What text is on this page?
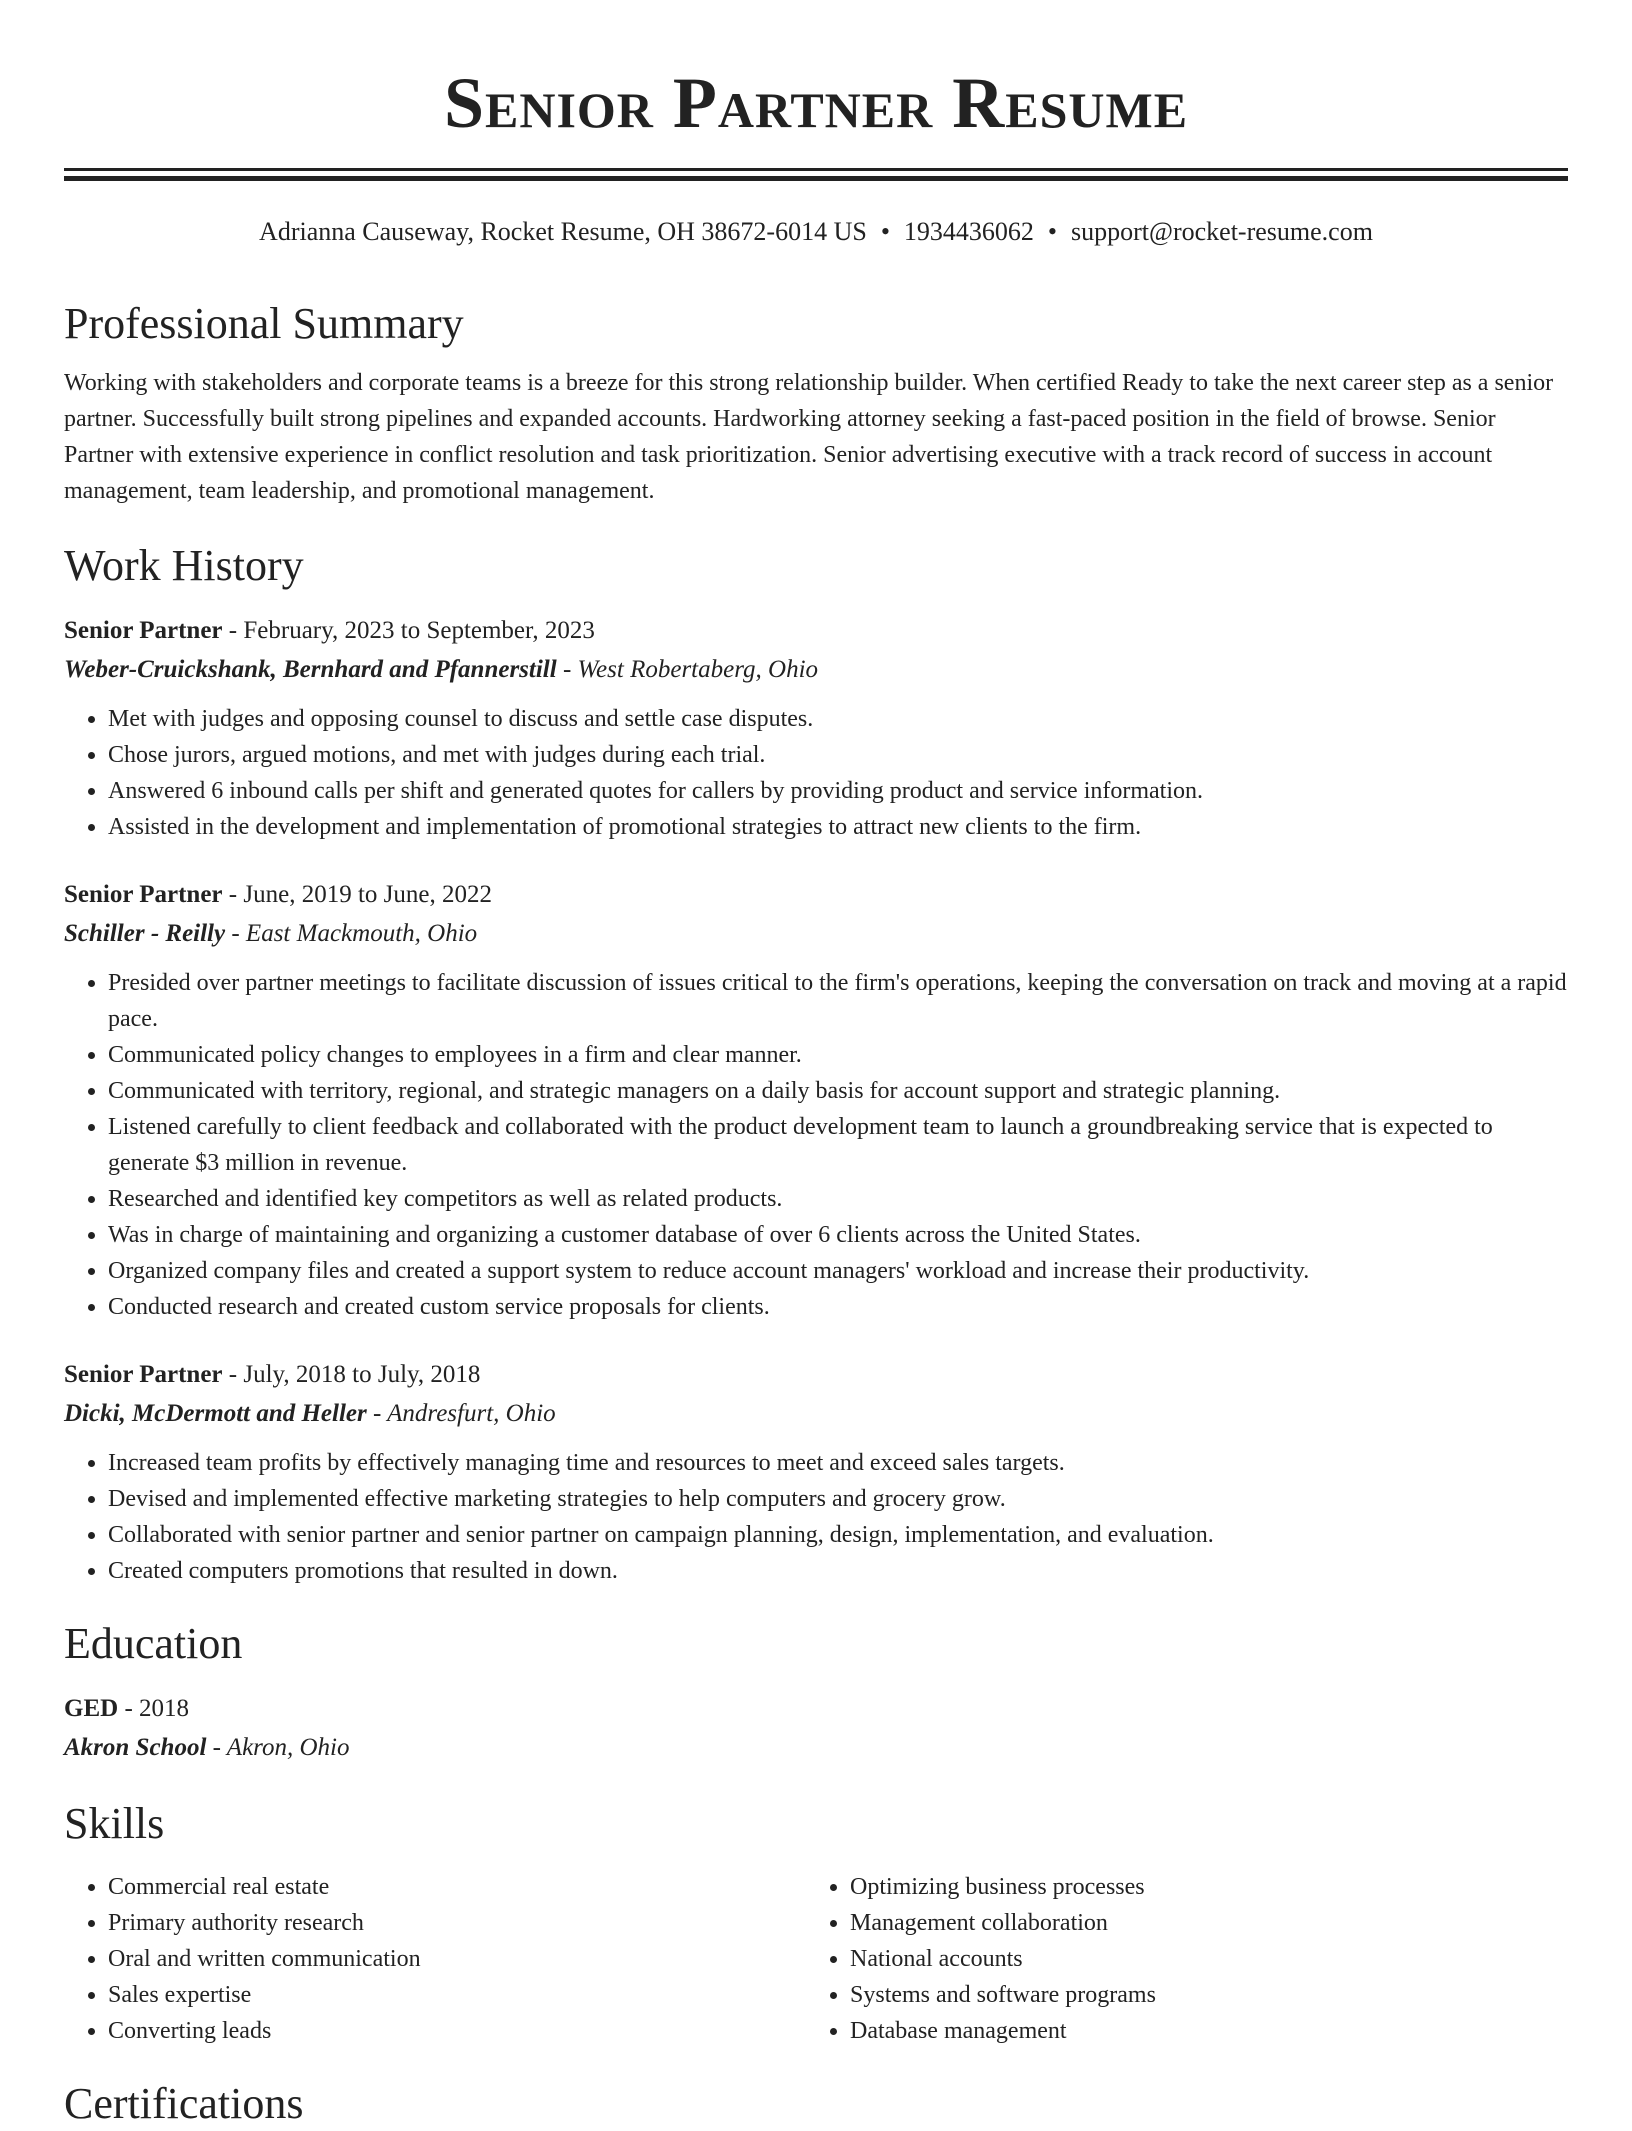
Senior Partner Resume
Adrianna Causeway, Rocket Resume, OH 38672-6014 US • 1934436062 • support@rocket-resume.com
Professional Summary
Working with stakeholders and corporate teams is a breeze for this strong relationship builder. When certified Ready to take the next career step as a senior partner. Successfully built strong pipelines and expanded accounts. Hardworking attorney seeking a fast-paced position in the field of browse. Senior Partner with extensive experience in conflict resolution and task prioritization. Senior advertising executive with a track record of success in account management, team leadership, and promotional management.
Work History
Senior Partner - February, 2023 to September, 2023
Weber-Cruickshank, Bernhard and Pfannerstill - West Robertaberg, Ohio
• Met with judges and opposing counsel to discuss and settle case disputes.
• Chose jurors, argued motions, and met with judges during each trial.
• Answered 6 inbound calls per shift and generated quotes for callers by providing product and service information.
• Assisted in the development and implementation of promotional strategies to attract new clients to the firm.
Senior Partner - June, 2019 to June, 2022
Schiller - Reilly - East Mackmouth, Ohio
• Presided over partner meetings to facilitate discussion of issues critical to the firm's operations, keeping the conversation on track and moving at a rapid pace.
• Communicated policy changes to employees in a firm and clear manner.
• Communicated with territory, regional, and strategic managers on a daily basis for account support and strategic planning.
• Listened carefully to client feedback and collaborated with the product development team to launch a groundbreaking service that is expected to generate $3 million in revenue.
• Researched and identified key competitors as well as related products.
• Was in charge of maintaining and organizing a customer database of over 6 clients across the United States.
• Organized company files and created a support system to reduce account managers' workload and increase their productivity.
• Conducted research and created custom service proposals for clients.
Senior Partner - July, 2018 to July, 2018
Dicki, McDermott and Heller - Andresfurt, Ohio
• Increased team profits by effectively managing time and resources to meet and exceed sales targets.
• Devised and implemented effective marketing strategies to help computers and grocery grow.
• Collaborated with senior partner and senior partner on campaign planning, design, implementation, and evaluation.
• Created computers promotions that resulted in down.
Education
GED - 2018
Akron School - Akron, Ohio
Skills
• Commercial real estate
• Primary authority research
• Oral and written communication
• Sales expertise
• Converting leads
• Optimizing business processes
• Management collaboration
• National accounts
• Systems and software programs
• Database management
Certifications
